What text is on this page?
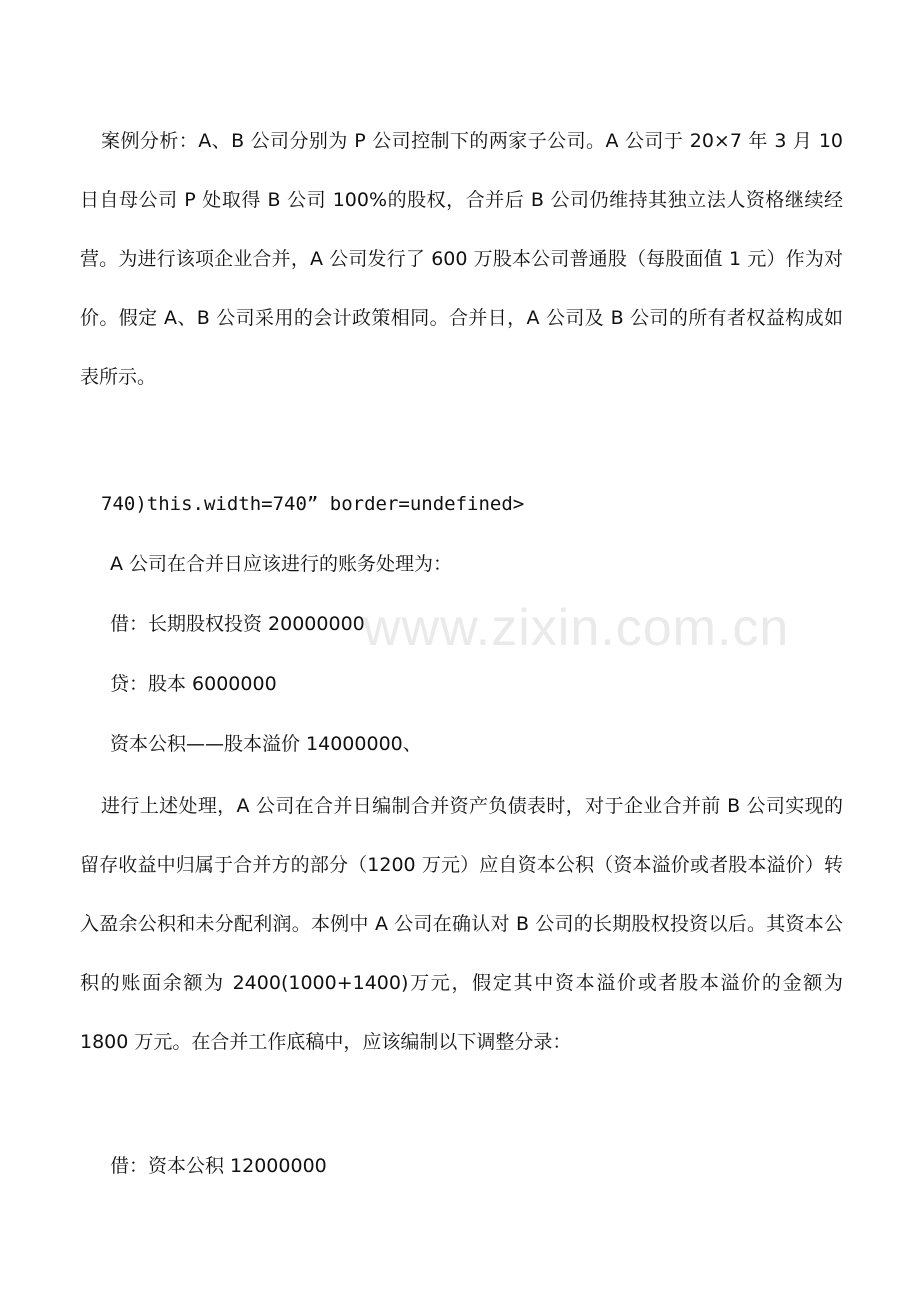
www.zixin.com.cn

案例分析：A、B 公司分别为 P 公司控制下的两家子公司。A 公司于 20×7 年 3 月 10 日自母公司 P 处取得 B 公司 100%的股权，合并后 B 公司仍维持其独立法人资格继续经营。为进行该项企业合并，A 公司发行了 600 万股本公司普通股（每股面值 1 元）作为对价。假定 A、B 公司采用的会计政策相同。合并日，A 公司及 B 公司的所有者权益构成如表所示。

740)this.width=740” border=undefined>
A 公司在合并日应该进行的账务处理为：
借：长期股权投资 20000000
贷：股本 6000000
资本公积——股本溢价 14000000、

进行上述处理，A 公司在合并日编制合并资产负债表时，对于企业合并前 B 公司实现的留存收益中归属于合并方的部分（1200 万元）应自资本公积（资本溢价或者股本溢价）转入盈余公积和未分配利润。本例中 A 公司在确认对 B 公司的长期股权投资以后。其资本公积的账面余额为 2400(1000+1400)万元，假定其中资本溢价或者股本溢价的金额为 1800 万元。在合并工作底稿中，应该编制以下调整分录：

借：资本公积 12000000
